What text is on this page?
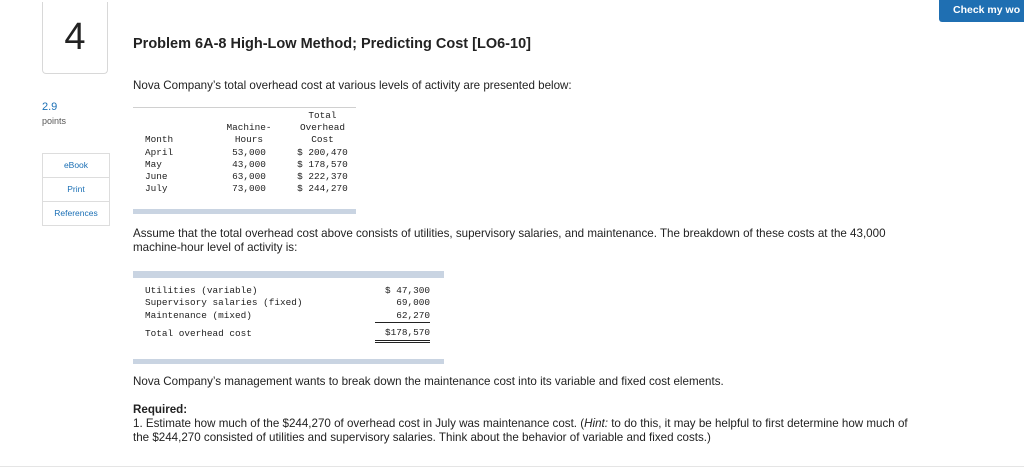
4
2.9
points
eBook
Print
References
Check my wo
Problem 6A-8 High-Low Method; Predicting Cost [LO6-10]
Nova Company’s total overhead cost at various levels of activity are presented below:
		Total
	Machine-	Overhead
Month	Hours	Cost
April	53,000	$ 200,470
May	43,000	$ 178,570
June	63,000	$ 222,370
July	73,000	$ 244,270
Assume that the total overhead cost above consists of utilities, supervisory salaries, and maintenance. The breakdown of these costs at the 43,000 machine-hour level of activity is:
Utilities (variable)	$ 47,300
Supervisory salaries (fixed)	69,000
Maintenance (mixed)	62,270
Total overhead cost	$178,570
Nova Company’s management wants to break down the maintenance cost into its variable and fixed cost elements.
Required:
1. Estimate how much of the $244,270 of overhead cost in July was maintenance cost. (Hint: to do this, it may be helpful to first determine how much of the $244,270 consisted of utilities and supervisory salaries. Think about the behavior of variable and fixed costs.)
